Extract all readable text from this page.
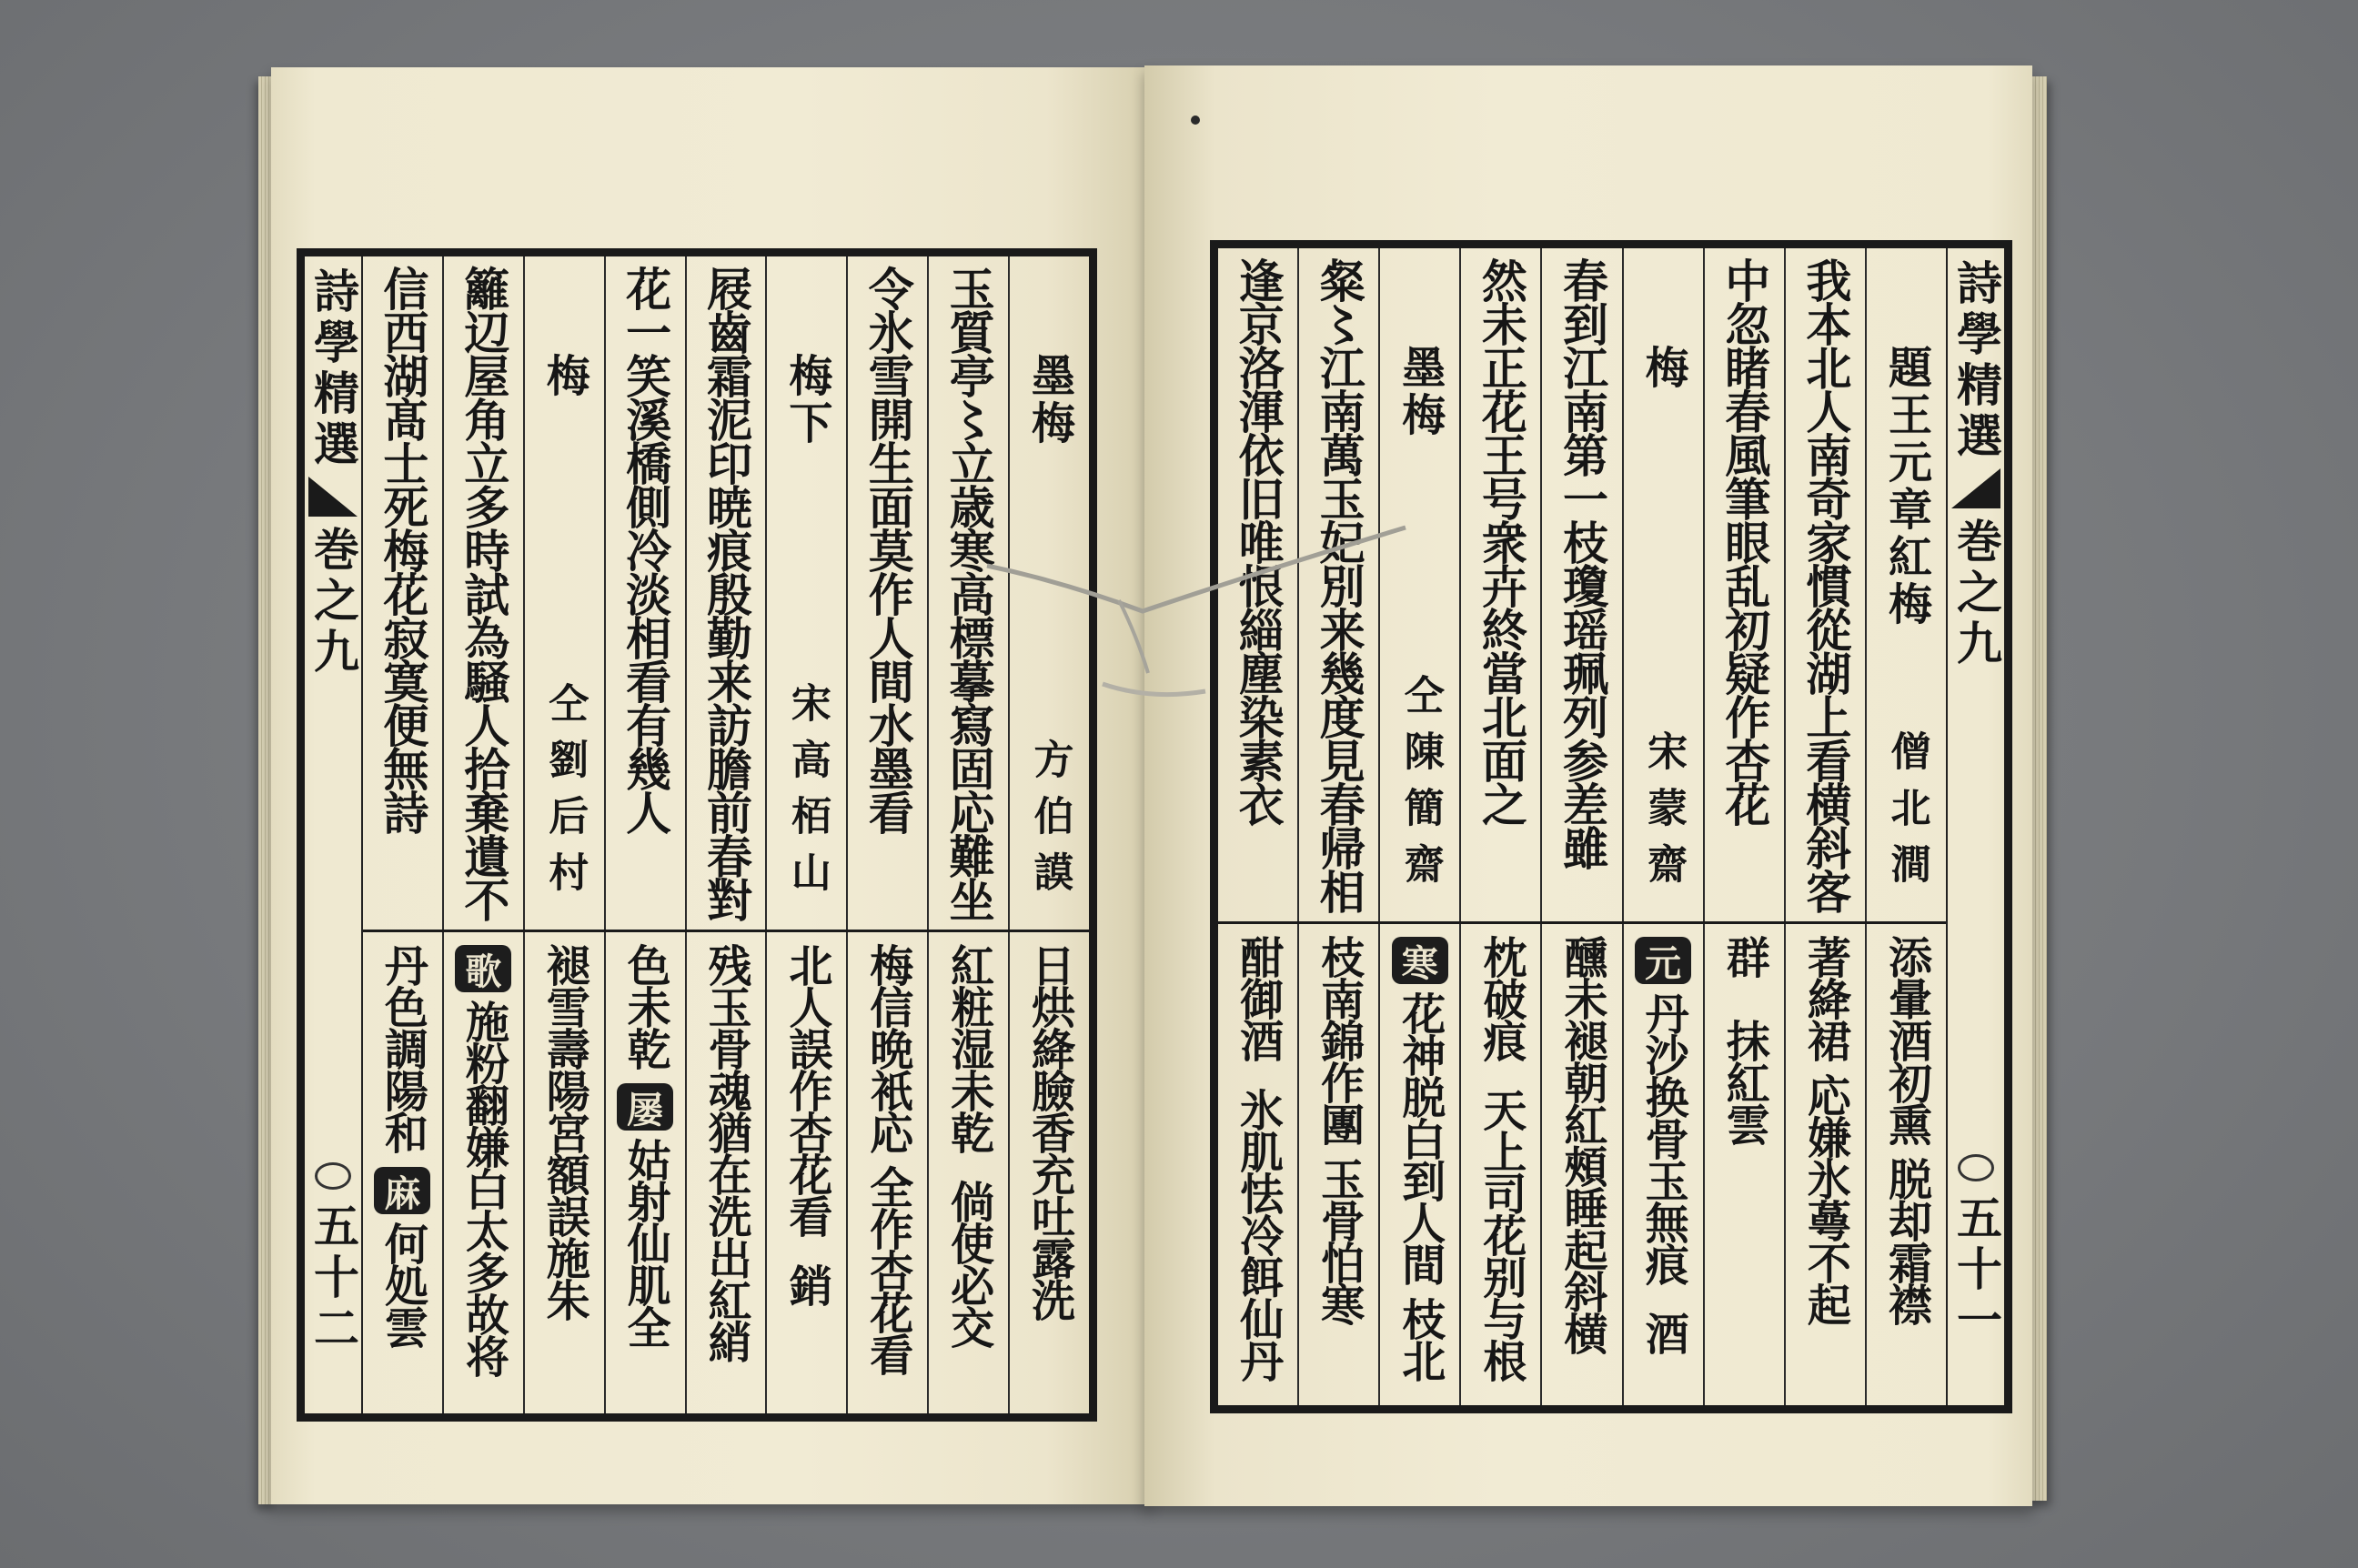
詩學精選
巻之九
五十二
墨梅
方伯謨
玉質亭〻立歳寒高標摹寫固応難坐
令氷雪開生面莫作人間水墨看
梅下
宋高栢山
屐齒霜泥印暁痕殷勤来訪膽前春對
花一笑溪橋側冷淡相看有幾人
梅
仝劉后村
籬辺屋角立多時試為騒人拾棄遺不
信西湖髙士死梅花寂寞便無詩
日烘絳臉香充吐露洗
紅粧湿未乾
倘使必交
梅信晩衹応
全作杏花看
北人誤作杏花看
銷
残玉骨魂猶在洗出紅綃
色未乾
屡
姑射仙肌全
褪雪壽陽宮額誤施朱
歌
施粉翻嫌白太多故将
丹色調陽和
麻
何処雲
詩學精選
巻之九
五十一
題王元章紅梅
僧北澗
我本北人南奇家慣從湖上看横斜客
中忽睹春風筆眼乱初疑作杏花
梅
宋蒙齋
春到江南第一枝瓊瑶珮列参差雖
然未正花王号衆卉終當北面之
墨梅
仝陳簡齋
粲〻江南萬玉妃別来幾度見春帰相
逢京洛渾依旧唯恨緇塵染素衣
添暈酒初熏
脱却霜襟
著絳裙
応嫌氷蕚不起
群
抹紅雲
元
丹沙换骨玉無痕
酒
醺未褪朝紅頰睡起斜横
枕破痕
天上司花别与根
寒
花神脱白到人間
枝北
枝南錦作團
玉骨怕寒
酣御酒
氷肌怯冷餌仙丹
